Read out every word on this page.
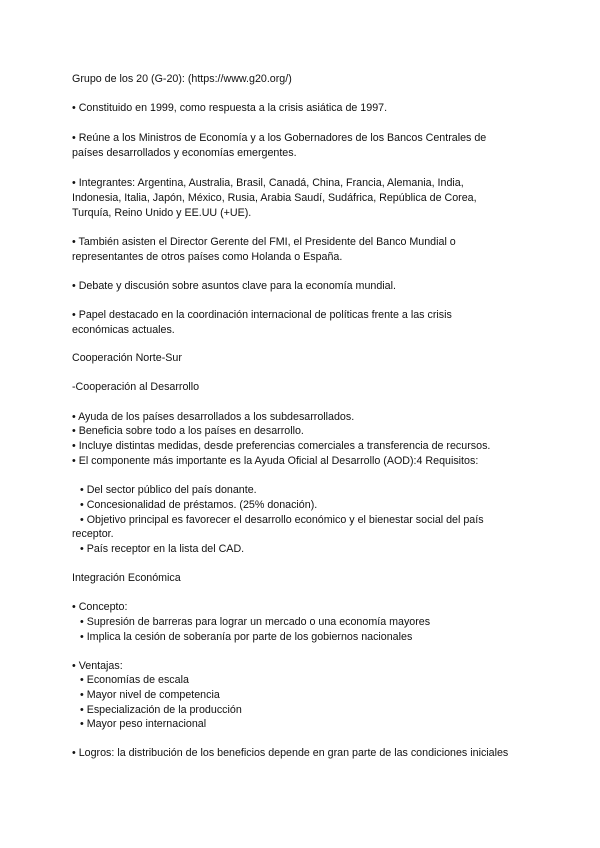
Grupo de los 20 (G-20): (https://www.g20.org/)
• Constituido en 1999, como respuesta a la crisis asiática de 1997.
• Reúne a los Ministros de Economía y a los Gobernadores de los Bancos Centrales de
países desarrollados y economías emergentes.
• Integrantes: Argentina, Australia, Brasil, Canadá, China, Francia, Alemania, India,
Indonesia, Italia, Japón, México, Rusia, Arabia Saudí, Sudáfrica, República de Corea,
Turquía, Reino Unido y EE.UU (+UE).
• También asisten el Director Gerente del FMI, el Presidente del Banco Mundial o
representantes de otros países como Holanda o España.
• Debate y discusión sobre asuntos clave para la economía mundial.
• Papel destacado en la coordinación internacional de políticas frente a las crisis
económicas actuales.
Cooperación Norte-Sur
-Cooperación al Desarrollo
• Ayuda de los países desarrollados a los subdesarrollados.
• Beneficia sobre todo a los países en desarrollo.
• Incluye distintas medidas, desde preferencias comerciales a transferencia de recursos.
• El componente más importante es la Ayuda Oficial al Desarrollo (AOD):4 Requisitos:
• Del sector público del país donante.
• Concesionalidad de préstamos. (25% donación).
• Objetivo principal es favorecer el desarrollo económico y el bienestar social del país
receptor.
• País receptor en la lista del CAD.
Integración Económica
• Concepto:
• Supresión de barreras para lograr un mercado o una economía mayores
• Implica la cesión de soberanía por parte de los gobiernos nacionales
• Ventajas:
• Economías de escala
• Mayor nivel de competencia
• Especialización de la producción
• Mayor peso internacional
• Logros: la distribución de los beneficios depende en gran parte de las condiciones iniciales
